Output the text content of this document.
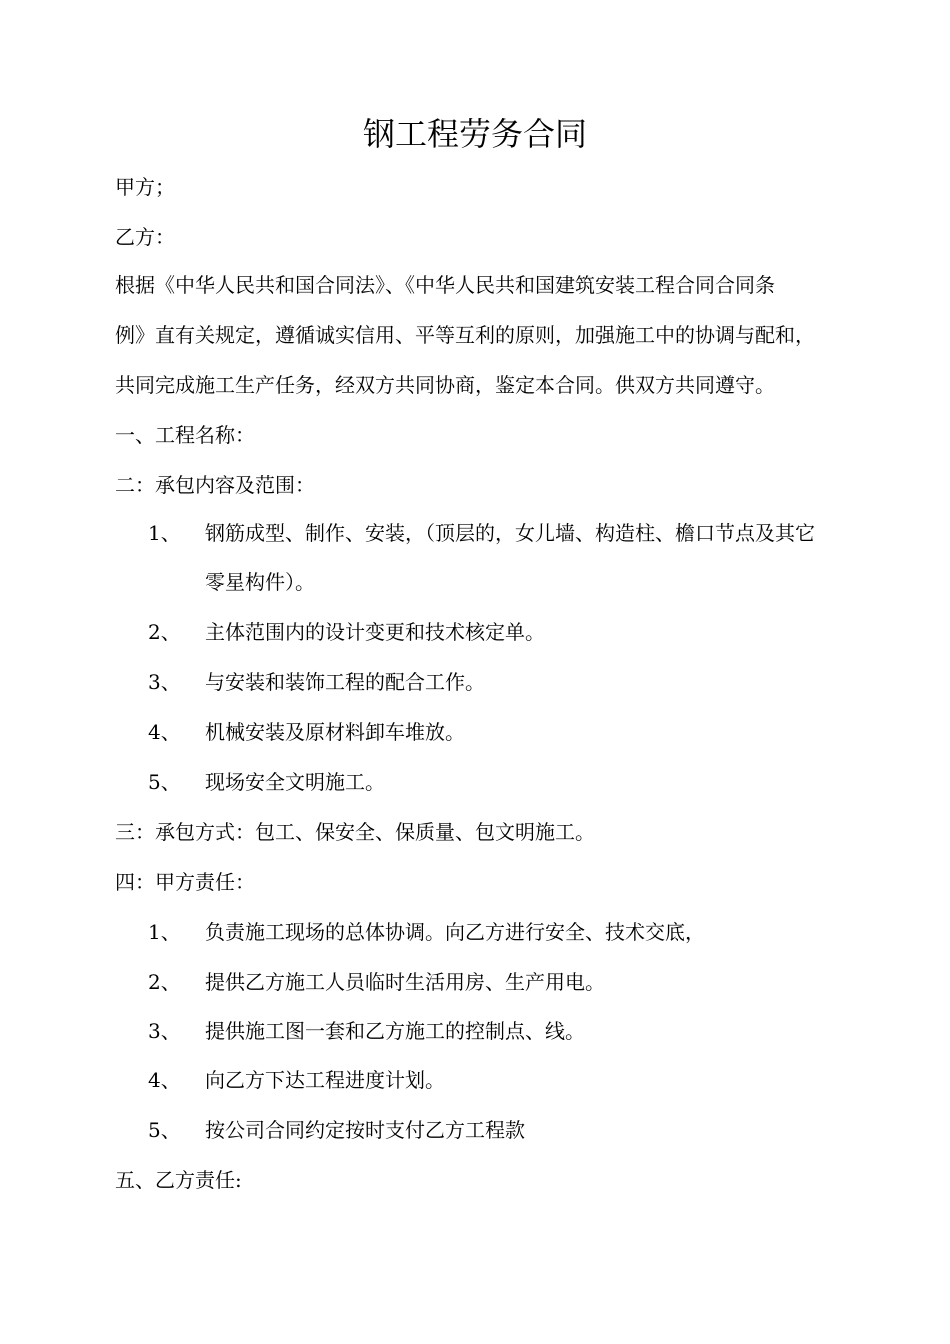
钢工程劳务合同
甲方；
乙方：
根据《中华人民共和国合同法》、《中华人民共和国建筑安装工程合同合同条
例》直有关规定，遵循诚实信用、平等互利的原则，加强施工中的协调与配和，
共同完成施工生产任务，经双方共同协商，鉴定本合同。供双方共同遵守。
一、工程名称：
二：承包内容及范围：
1、 钢筋成型、制作、安装，（顶层的，女儿墙、构造柱、檐口节点及其它
零星构件）。
2、 主体范围内的设计变更和技术核定单。
3、 与安装和装饰工程的配合工作。
4、 机械安装及原材料卸车堆放。
5、 现场安全文明施工。
三：承包方式：包工、保安全、保质量、包文明施工。
四：甲方责任：
1、 负责施工现场的总体协调。向乙方进行安全、技术交底，
2、 提供乙方施工人员临时生活用房、生产用电。
3、 提供施工图一套和乙方施工的控制点、线。
4、 向乙方下达工程进度计划。
5、 按公司合同约定按时支付乙方工程款
五、乙方责任:
